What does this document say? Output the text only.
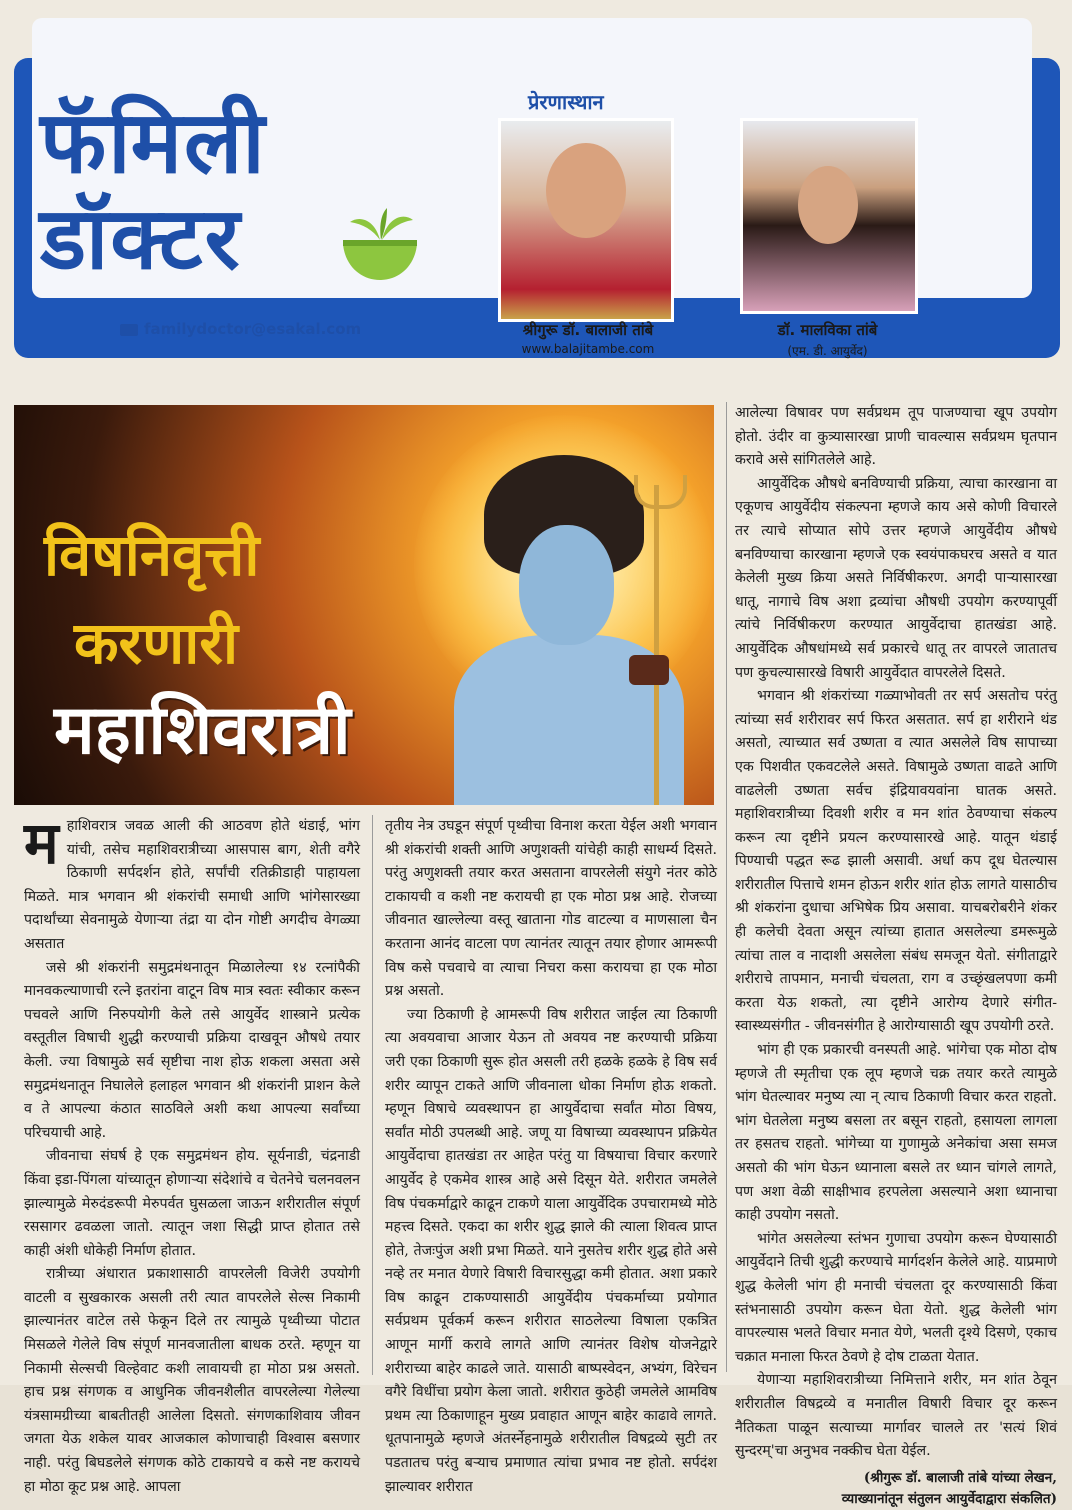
फॅमिली
डॉक्टर
familydoctor@esakal.com
प्रेरणास्थान
श्रीगुरू डॉ. बालाजी तांबे
www.balajitambe.com
डॉ. मालविका तांबे
(एम. डी. आयुर्वेद)
विषनिवृत्ती
करणारी
महाशिवरात्री

महाशिवरात्र जवळ आली की आठवण होते थंडाई, भांग यांची, तसेच महाशिवरात्रीच्या आसपास बाग, शेती वगैरे ठिकाणी सर्पदर्शन होते, सर्पांची रतिक्रीडाही पाहायला मिळते. मात्र भगवान श्री शंकरांची समाधी आणि भांगेसारख्या पदार्थांच्या सेवनामुळे येणाऱ्या तंद्रा या दोन गोष्टी अगदीच वेगळ्या असतात

जसे श्री शंकरांनी समुद्रमंथनातून मिळालेल्या १४ रत्नांपैकी मानवकल्याणाची रत्ने इतरांना वाटून विष मात्र स्वतः स्वीकार करून पचवले आणि निरुपयोगी केले तसे आयुर्वेद शास्त्राने प्रत्येक वस्तूतील विषाची शुद्धी करण्याची प्रक्रिया दाखवून औषधे तयार केली. ज्या विषामुळे सर्व सृष्टीचा नाश होऊ शकला असता असे समुद्रमंथनातून निघालेले हलाहल भगवान श्री शंकरांनी प्राशन केले व ते आपल्या कंठात साठविले अशी कथा आपल्या सर्वांच्या परिचयाची आहे.

जीवनाचा संघर्ष हे एक समुद्रमंथन होय. सूर्यनाडी, चंद्रनाडी किंवा इडा-पिंगला यांच्यातून होणाऱ्या संदेशांचे व चेतनेचे चलनवलन झाल्यामुळे मेरुदंडरूपी मेरुपर्वत घुसळला जाऊन शरीरातील संपूर्ण रससागर ढवळला जातो. त्यातून जशा सिद्धी प्राप्त होतात तसे काही अंशी धोकेही निर्माण होतात.

रात्रीच्या अंधारात प्रकाशासाठी वापरलेली विजेरी उपयोगी वाटली व सुखकारक असली तरी त्यात वापरलेले सेल्स निकामी झाल्यानंतर वाटेल तसे फेकून दिले तर त्यामुळे पृथ्वीच्या पोटात मिसळले गेलेले विष संपूर्ण मानवजातीला बाधक ठरते. म्हणून या निकामी सेल्सची विल्हेवाट कशी लावायची हा मोठा प्रश्न असतो. हाच प्रश्न संगणक व आधुनिक जीवनशैलीत वापरलेल्या गेलेल्या यंत्रसामग्रीच्या बाबतीतही आलेला दिसतो. संगणकाशिवाय जीवन जगता येऊ शकेल यावर आजकाल कोणाचाही विश्वास बसणार नाही. परंतु बिघडलेले संगणक कोठे टाकायचे व कसे नष्ट करायचे हा मोठा कूट प्रश्न आहे. आपला

तृतीय नेत्र उघडून संपूर्ण पृथ्वीचा विनाश करता येईल अशी भगवान श्री शंकरांची शक्ती आणि अणुशक्ती यांचेही काही साधर्म्य दिसते. परंतु अणुशक्ती तयार करत असताना वापरलेली संयुगे नंतर कोठे टाकायची व कशी नष्ट करायची हा एक मोठा प्रश्न आहे. रोजच्या जीवनात खाल्लेल्या वस्तू खाताना गोड वाटल्या व माणसाला चैन करताना आनंद वाटला पण त्यानंतर त्यातून तयार होणार आमरूपी विष कसे पचवाचे वा त्याचा निचरा कसा करायचा हा एक मोठा प्रश्न असतो.

ज्या ठिकाणी हे आमरूपी विष शरीरात जाईल त्या ठिकाणी त्या अवयवाचा आजार येऊन तो अवयव नष्ट करण्याची प्रक्रिया जरी एका ठिकाणी सुरू होत असली तरी हळके हळके हे विष सर्व शरीर व्यापून टाकते आणि जीवनाला धोका निर्माण होऊ शकतो. म्हणून विषाचे व्यवस्थापन हा आयुर्वेदाचा सर्वांत मोठा विषय, सर्वांत मोठी उपलब्धी आहे. जणू या विषाच्या व्यवस्थापन प्रक्रियेत आयुर्वेदाचा हातखंडा तर आहेत परंतु या विषयाचा विचार करणारे आयुर्वेद हे एकमेव शास्त्र आहे असे दिसून येते. शरीरात जमलेले विष पंचकर्माद्वारे काढून टाकणे याला आयुर्वेदिक उपचारामध्ये मोठे महत्त्व दिसते. एकदा का शरीर शुद्ध झाले की त्याला शिवत्व प्राप्त होते, तेजःपुंज अशी प्रभा मिळते. याने नुसतेच शरीर शुद्ध होते असे नव्हे तर मनात येणारे विषारी विचारसुद्धा कमी होतात. अशा प्रकारे विष काढून टाकण्यासाठी आयुर्वेदीय पंचकर्माच्या प्रयोगात सर्वप्रथम पूर्वकर्म करून शरीरात साठलेल्या विषाला एकत्रित आणून मार्गी करावे लागते आणि त्यानंतर विशेष योजनेद्वारे शरीराच्या बाहेर काढले जाते. यासाठी बाष्पस्वेदन, अभ्यंग, विरेचन वगैरे विधींचा प्रयोग केला जातो. शरीरात कुठेही जमलेले आमविष प्रथम त्या ठिकाणाहून मुख्य प्रवाहात आणून बाहेर काढावे लागते. धूतपानामुळे म्हणजे अंतर्स्नेहनामुळे शरीरातील विषद्रव्ये सुटी तर पडतातच परंतु बऱ्याच प्रमाणात त्यांचा प्रभाव नष्ट होतो. सर्पदंश झाल्यावर शरीरात

आलेल्या विषावर पण सर्वप्रथम तूप पाजण्याचा खूप उपयोग होतो. उंदीर वा कुत्र्यासारखा प्राणी चावल्यास सर्वप्रथम घृतपान करावे असे सांगितलेले आहे.

आयुर्वेदिक औषधे बनविण्याची प्रक्रिया, त्याचा कारखाना वा एकूणच आयुर्वेदीय संकल्पना म्हणजे काय असे कोणी विचारले तर त्याचे सोप्यात सोपे उत्तर म्हणजे आयुर्वेदीय औषधे बनविण्याचा कारखाना म्हणजे एक स्वयंपाकघरच असते व यात केलेली मुख्य क्रिया असते निर्विषीकरण. अगदी पाऱ्यासारखा धातू, नागाचे विष अशा द्रव्यांचा औषधी उपयोग करण्यापूर्वी त्यांचे निर्विषीकरण करण्यात आयुर्वेदाचा हातखंडा आहे. आयुर्वेदिक औषधांमध्ये सर्व प्रकारचे धातू तर वापरले जातातच पण कुचल्यासारखे विषारी आयुर्वेदात वापरलेले दिसते.

भगवान श्री शंकरांच्या गळ्याभोवती तर सर्प असतोच परंतु त्यांच्या सर्व शरीरावर सर्प फिरत असतात. सर्प हा शरीराने थंड असतो, त्याच्यात सर्व उष्णता व त्यात असलेले विष सापाच्या एक पिशवीत एकवटलेले असते. विषामुळे उष्णता वाढते आणि वाढलेली उष्णता सर्वच इंद्रियावयवांना घातक असते. महाशिवरात्रीच्या दिवशी शरीर व मन शांत ठेवण्याचा संकल्प करून त्या दृष्टीने प्रयत्न करण्यासारखे आहे. यातून थंडाई पिण्याची पद्धत रूढ झाली असावी. अर्धा कप दूध घेतल्यास शरीरातील पित्ताचे शमन होऊन शरीर शांत होऊ लागते यासाठीच श्री शंकरांना दुधाचा अभिषेक प्रिय असावा. याचबरोबरीने शंकर ही कलेची देवता असून त्यांच्या हातात असलेल्या डमरूमुळे त्यांचा ताल व नादाशी असलेला संबंध समजून येतो. संगीताद्वारे शरीराचे तापमान, मनाची चंचलता, राग व उच्छृंखलपणा कमी करता येऊ शकतो, त्या दृष्टीने आरोग्य देणारे संगीत-स्वास्थ्यसंगीत - जीवनसंगीत हे आरोग्यासाठी खूप उपयोगी ठरते.

भांग ही एक प्रकारची वनस्पती आहे. भांगेचा एक मोठा दोष म्हणजे ती स्मृतीचा एक लूप म्हणजे चक्र तयार करते त्यामुळे भांग घेतल्यावर मनुष्य त्या न् त्याच ठिकाणी विचार करत राहतो. भांग घेतलेला मनुष्य बसला तर बसून राहतो, हसायला लागला तर हसतच राहतो. भांगेच्या या गुणामुळे अनेकांचा असा समज असतो की भांग घेऊन ध्यानाला बसले तर ध्यान चांगले लागते, पण अशा वेळी साक्षीभाव हरपलेला असल्याने अशा ध्यानाचा काही उपयोग नसतो.

भांगेत असलेल्या स्तंभन गुणाचा उपयोग करून घेण्यासाठी आयुर्वेदाने तिची शुद्धी करण्याचे मार्गदर्शन केलेले आहे. याप्रमाणे शुद्ध केलेली भांग ही मनाची चंचलता दूर करण्यासाठी किंवा स्तंभनासाठी उपयोग करून घेता येतो. शुद्ध केलेली भांग वापरल्यास भलते विचार मनात येणे, भलती दृश्ये दिसणे, एकाच चक्रात मनाला फिरत ठेवणे हे दोष टाळता येतात.

येणाऱ्या महाशिवरात्रीच्या निमित्ताने शरीर, मन शांत ठेवून शरीरातील विषद्रव्ये व मनातील विषारी विचार दूर करून नैतिकता पाळून सत्याच्या मार्गावर चालले तर 'सत्यं शिवं सुन्दरम्'चा अनुभव नक्कीच घेता येईल.

(श्रीगुरू डॉ. बालाजी तांबे यांच्या लेखन,
व्याख्यानांतून संतुलन आयुर्वेदाद्वारा संकलित)
